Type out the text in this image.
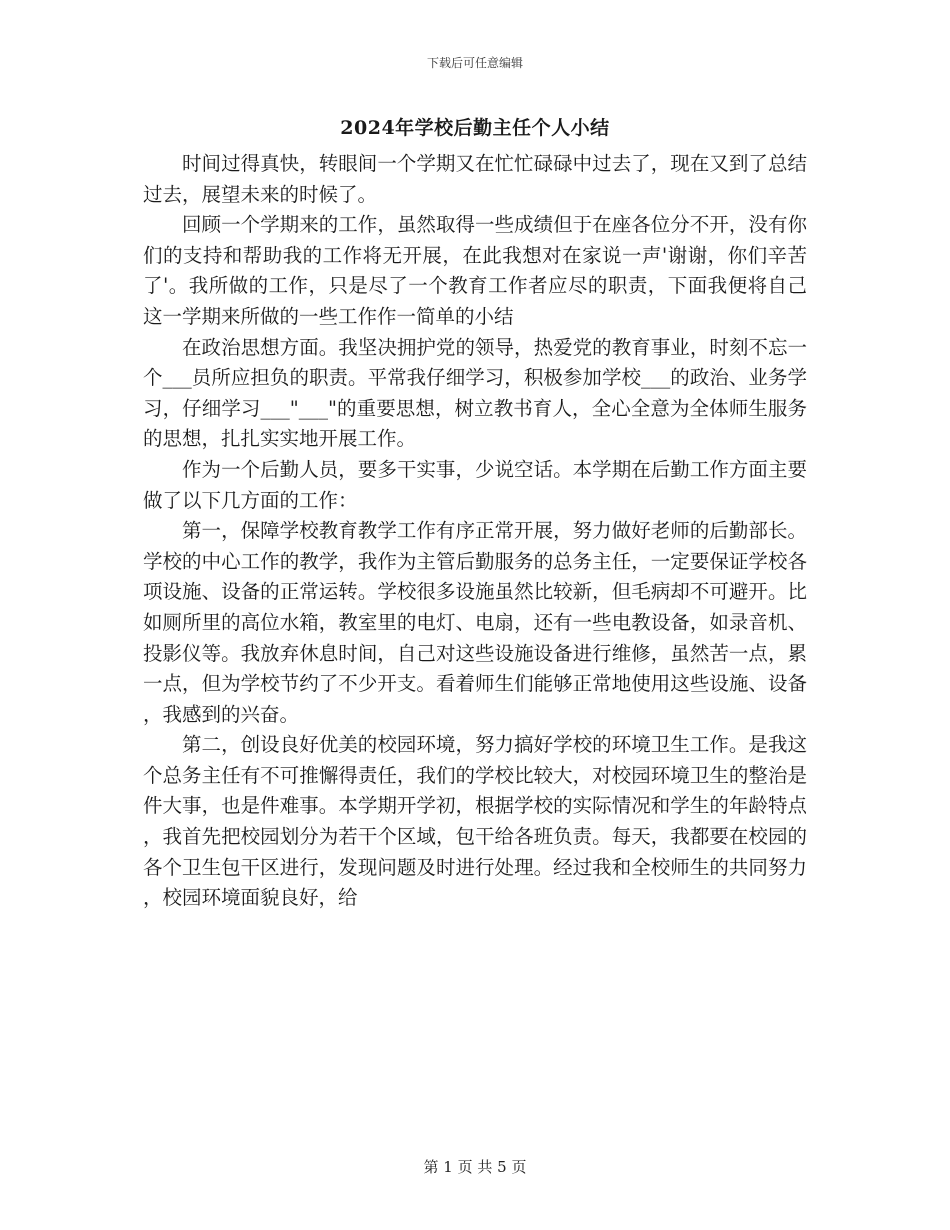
下载后可任意编辑
2024年学校后勤主任个人小结

时间过得真快，转眼间一个学期又在忙忙碌碌中过去了，现在又到了总结过去，展望未来的时候了。

回顾一个学期来的工作，虽然取得一些成绩但于在座各位分不开，没有你们的支持和帮助我的工作将无开展，在此我想对在家说一声'谢谢，你们辛苦了'。我所做的工作，只是尽了一个教育工作者应尽的职责，下面我便将自己这一学期来所做的一些工作作一简单的小结

在政治思想方面。我坚决拥护党的领导，热爱党的教育事业，时刻不忘一个___员所应担负的职责。平常我仔细学习，积极参加学校___的政治、业务学习，仔细学习___"___"的重要思想，树立教书育人，全心全意为全体师生服务的思想，扎扎实实地开展工作。

作为一个后勤人员，要多干实事，少说空话。本学期在后勤工作方面主要做了以下几方面的工作：

第一，保障学校教育教学工作有序正常开展，努力做好老师的后勤部长。学校的中心工作的教学，我作为主管后勤服务的总务主任，一定要保证学校各项设施、设备的正常运转。学校很多设施虽然比较新，但毛病却不可避开。比如厕所里的高位水箱，教室里的电灯、电扇，还有一些电教设备，如录音机、投影仪等。我放弃休息时间，自己对这些设施设备进行维修，虽然苦一点，累一点，但为学校节约了不少开支。看着师生们能够正常地使用这些设施、设备，我感到的兴奋。

第二，创设良好优美的校园环境，努力搞好学校的环境卫生工作。是我这个总务主任有不可推懈得责任，我们的学校比较大，对校园环境卫生的整治是件大事，也是件难事。本学期开学初，根据学校的实际情况和学生的年龄特点，我首先把校园划分为若干个区域，包干给各班负责。每天，我都要在校园的各个卫生包干区进行，发现问题及时进行处理。经过我和全校师生的共同努力，校园环境面貌良好，给

第 1 页 共 5 页
